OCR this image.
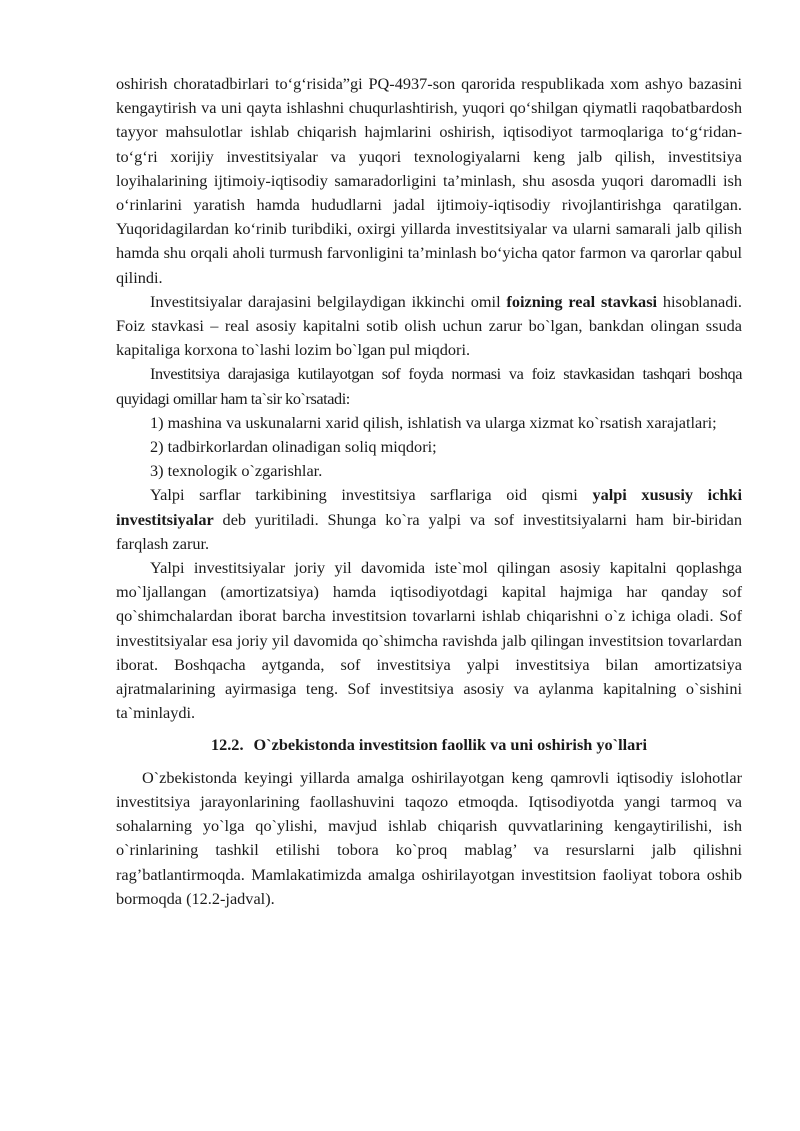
oshirish choratadbirlari to‘g‘risida”gi PQ-4937-son qarorida respublikada xom ashyo bazasini kengaytirish va uni qayta ishlashni chuqurlashtirish, yuqori qo‘shilgan qiymatli raqobatbardosh tayyor mahsulotlar ishlab chiqarish hajmlarini oshirish, iqtisodiyot tarmoqlariga to‘g‘ridan-to‘g‘ri xorijiy investitsiyalar va yuqori texnologiyalarni keng jalb qilish, investitsiya loyihalarining ijtimoiy-iqtisodiy samaradorligini ta’minlash, shu asosda yuqori daromadli ish o‘rinlarini yaratish hamda hududlarni jadal ijtimoiy-iqtisodiy rivojlantirishga qaratilgan. Yuqoridagilardan ko‘rinib turibdiki, oxirgi yillarda investitsiyalar va ularni samarali jalb qilish hamda shu orqali aholi turmush farvonligini ta’minlash bo‘yicha qator farmon va qarorlar qabul qilindi.

Investitsiyalar darajasini belgilaydigan ikkinchi omil foizning real stavkasi hisoblanadi. Foiz stavkasi – real asosiy kapitalni sotib olish uchun zarur bo`lgan, bankdan olingan ssuda kapitaliga korxona to`lashi lozim bo`lgan pul miqdori.

Investitsiya darajasiga kutilayotgan sof foyda normasi va foiz stavkasidan tashqari boshqa quyidagi omillar ham ta`sir ko`rsatadi:

1) mashina va uskunalarni xarid qilish, ishlatish va ularga xizmat ko`rsatish xarajatlari;

2) tadbirkorlardan olinadigan soliq miqdori;

3) texnologik o`zgarishlar.

Yalpi sarflar tarkibining investitsiya sarflariga oid qismi yalpi xususiy ichki investitsiyalar deb yuritiladi. Shunga ko`ra yalpi va sof investitsiyalarni ham bir-biridan farqlash zarur.

Yalpi investitsiyalar joriy yil davomida iste`mol qilingan asosiy kapitalni qoplashga mo`ljallangan (amortizatsiya) hamda iqtisodiyotdagi kapital hajmiga har qanday sof qo`shimchalardan iborat barcha investitsion tovarlarni ishlab chiqarishni o`z ichiga oladi. Sof investitsiyalar esa joriy yil davomida qo`shimcha ravishda jalb qilingan investitsion tovarlardan iborat. Boshqacha aytganda, sof investitsiya yalpi investitsiya bilan amortizatsiya ajratmalarining ayirmasiga teng. Sof investitsiya asosiy va aylanma kapitalning o`sishini ta`minlaydi.

12.2. O`zbekistonda investitsion faollik va uni oshirish yo`llari

O`zbekistonda keyingi yillarda amalga oshirilayotgan keng qamrovli iqtisodiy islohotlar investitsiya jarayonlarining faollashuvini taqozo etmoqda. Iqtisodiyotda yangi tarmoq va sohalarning yo`lga qo`ylishi, mavjud ishlab chiqarish quvvatlarining kengaytirilishi, ish o`rinlarining tashkil etilishi tobora ko`proq mablag’ va resurslarni jalb qilishni rag’batlantirmoqda. Mamlakatimizda amalga oshirilayotgan investitsion faoliyat tobora oshib bormoqda (12.2-jadval).
